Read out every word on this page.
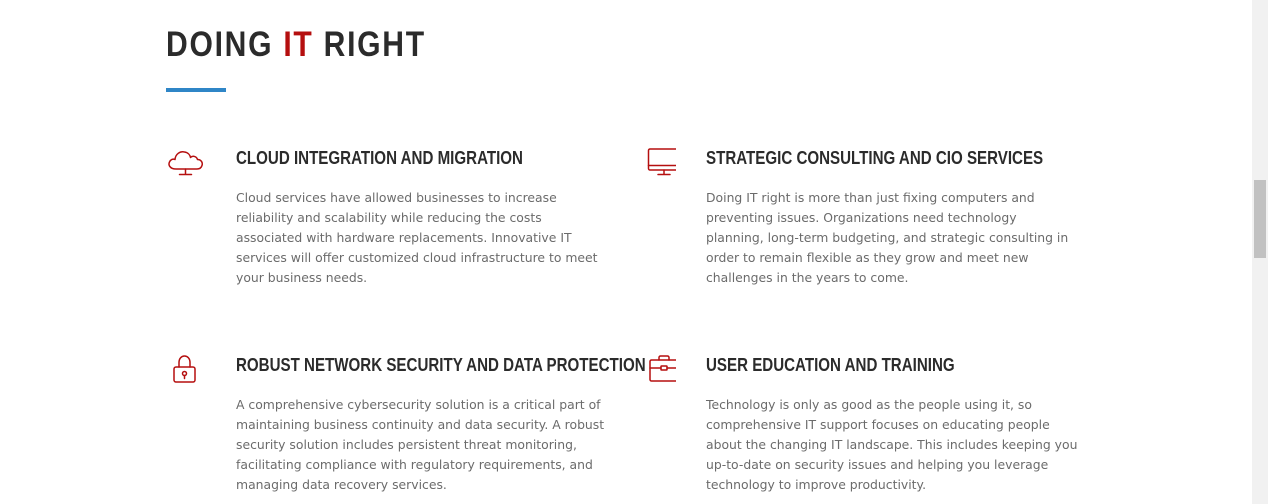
DOING IT RIGHT
CLOUD INTEGRATION AND MIGRATION

Cloud services have allowed businesses to increase reliability and scalability while reducing the costs associated with hardware replacements. Innovative IT services will offer customized cloud infrastructure to meet your business needs.

STRATEGIC CONSULTING AND CIO SERVICES

Doing IT right is more than just fixing computers and preventing issues. Organizations need technology planning, long-term budgeting, and strategic consulting in order to remain flexible as they grow and meet new challenges in the years to come.

ROBUST NETWORK SECURITY AND DATA PROTECTION

A comprehensive cybersecurity solution is a critical part of maintaining business continuity and data security. A robust security solution includes persistent threat monitoring, facilitating compliance with regulatory requirements, and managing data recovery services.

USER EDUCATION AND TRAINING

Technology is only as good as the people using it, so comprehensive IT support focuses on educating people about the changing IT landscape. This includes keeping you up-to-date on security issues and helping you leverage technology to improve productivity.
